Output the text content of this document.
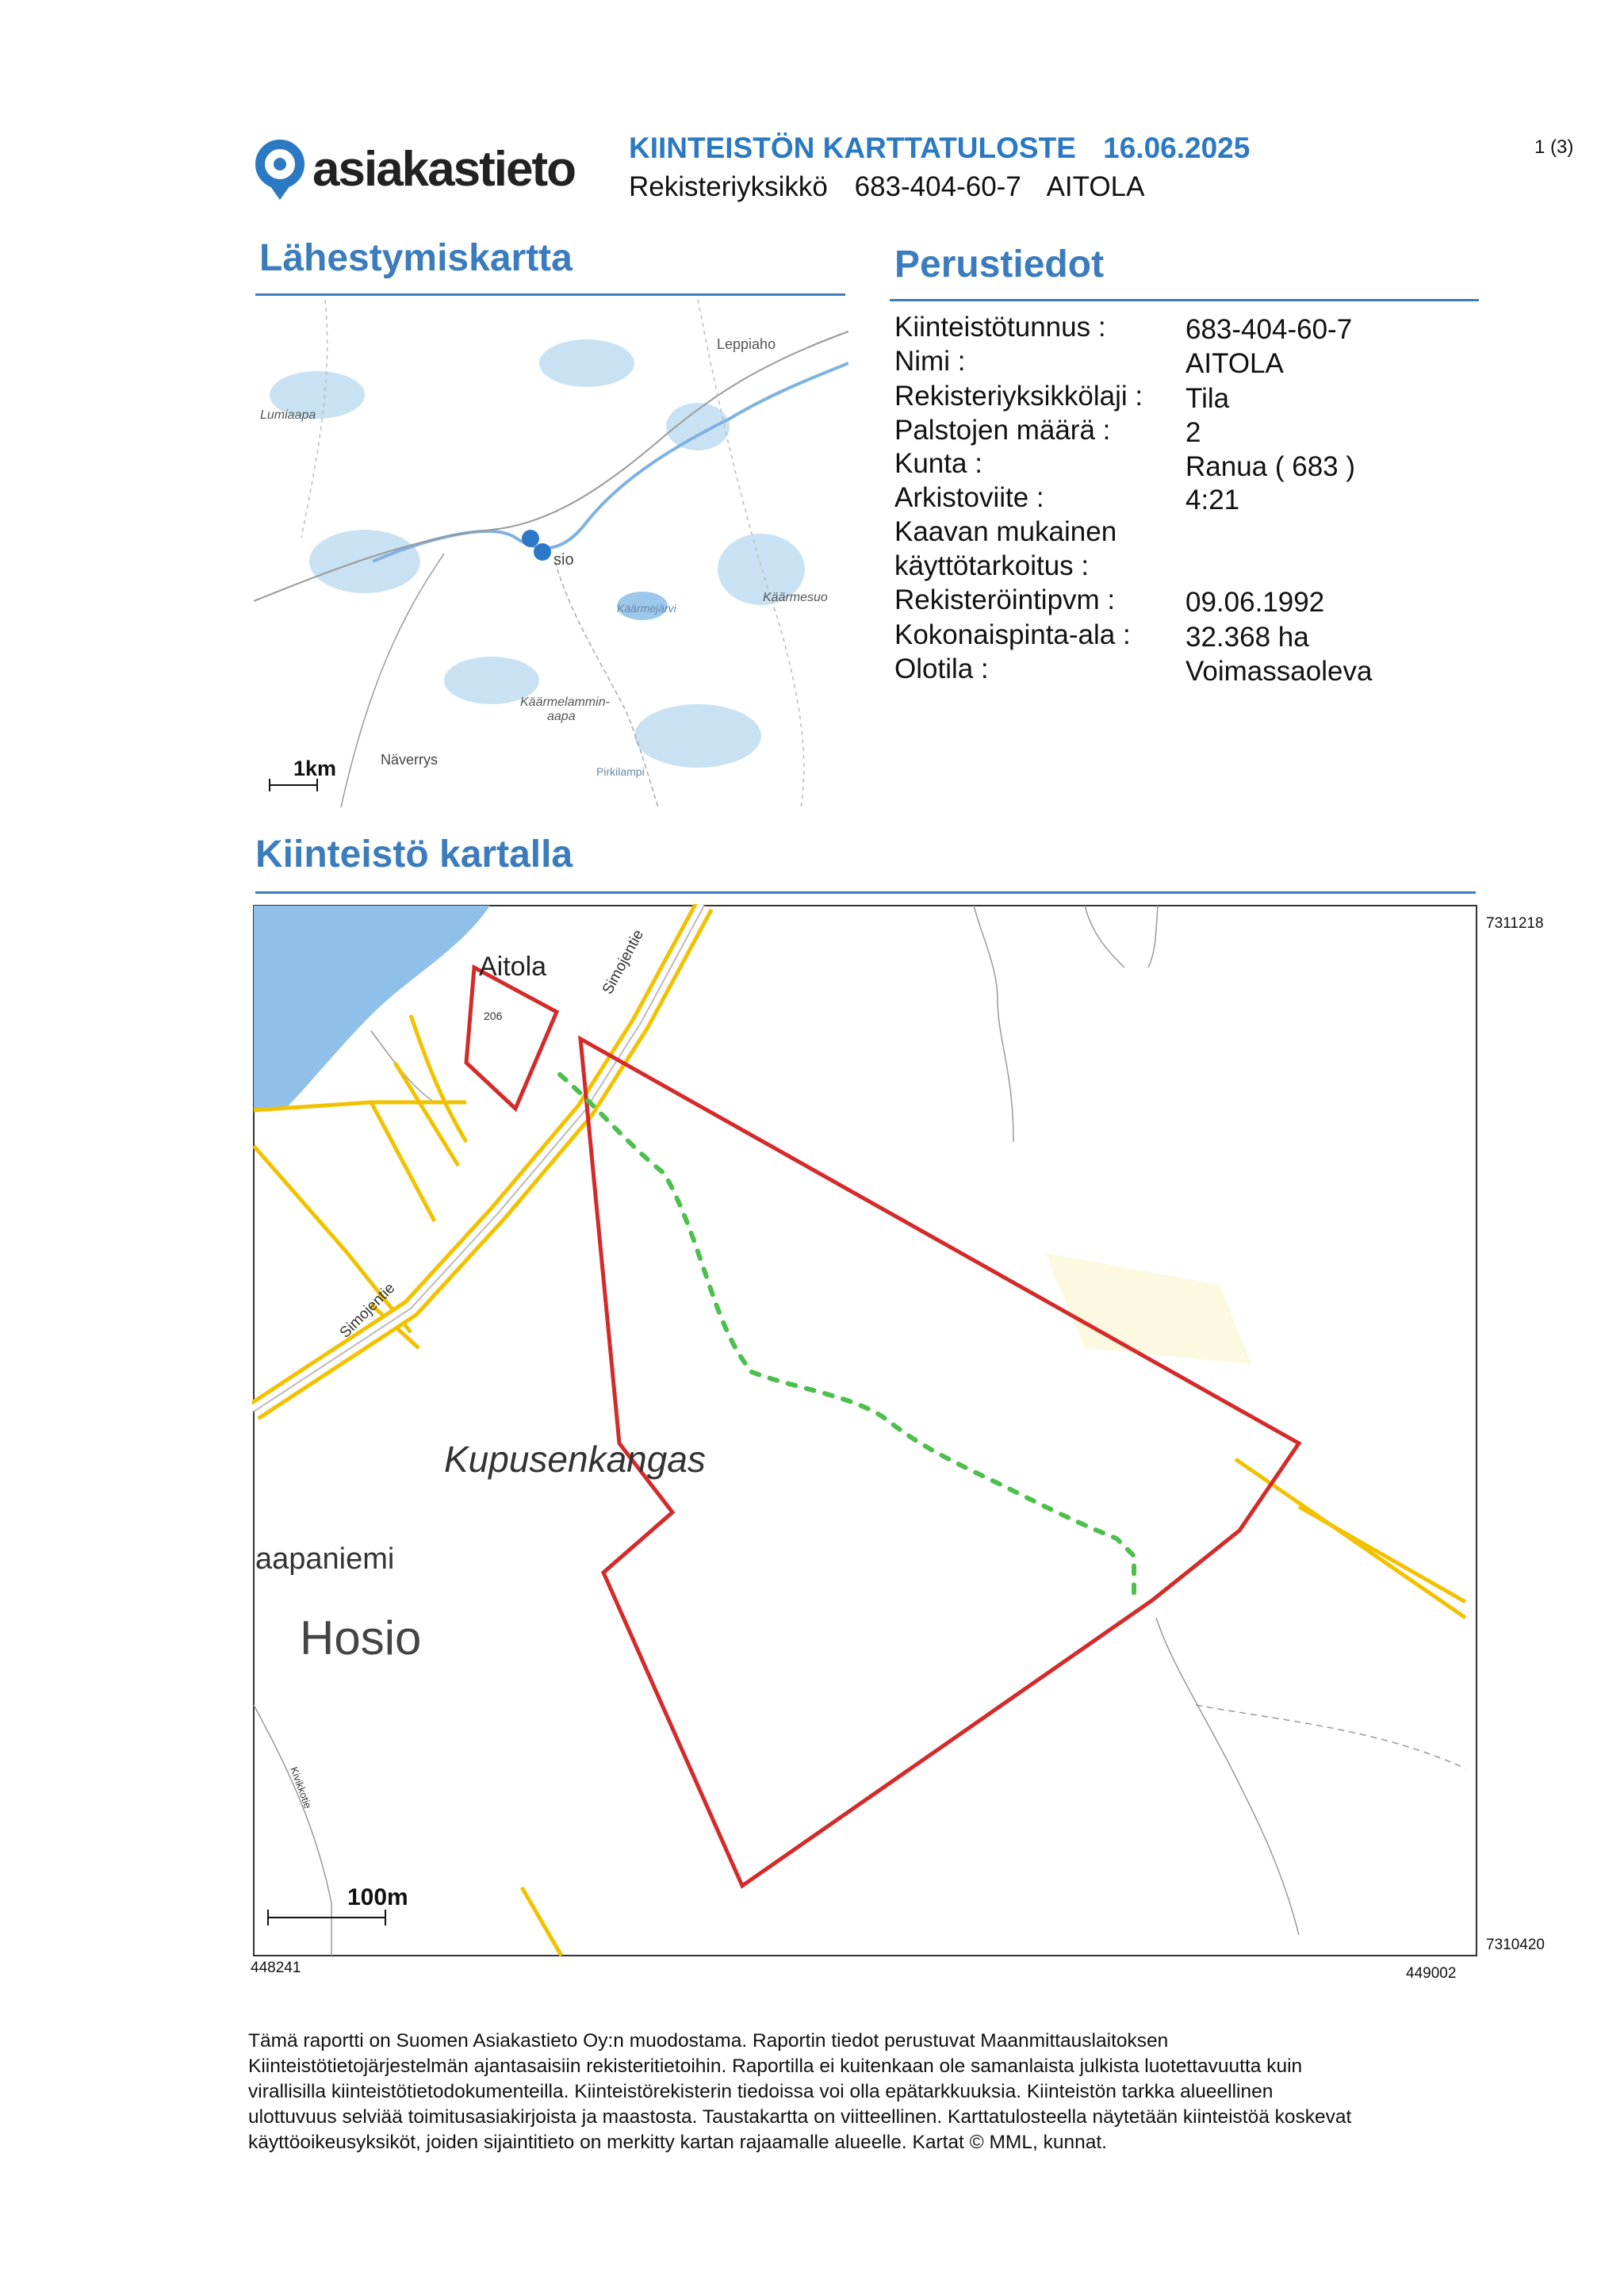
asiakastieto KIINTEISTÖN KARTTATULOSTE 16.06.2025
Rekisteriyksikkö 683-404-60-7 AITOLA
1 (3)
Lähestymiskartta	Perustiedot
Kiinteistö kartalla
Kiinteistötunnus :	683-404-60-7
Nimi :	AITOLA
Rekisteriyksikkölaji : Tila
Palstojen määrä :	2
Kunta :	Ranua ( 683 )
Arkistoviite :	4:21
Kaavan mukainen
käyttötarkoitus :
Rekisteröintipvm :	09.06.1992
Kokonaispinta-ala : 32.368 ha
Olotila :	Voimassaoleva
Leppiaho
Lumiaapa
sio
Käärmejärvi
Käärmesuo
Käärmelammin-
aapa
Näverrys
Pirkilampi
1km
Aitola
206
Simojentie
Simojentie
Kupusenkangas
aapaniemi
Hosio
Kivikkotie
100m
7311218
7310420
448241	449002
Tämä raportti on Suomen Asiakastieto Oy:n muodostama. Raportin tiedot perustuvat Maanmittauslaitoksen
Kiinteistötietojärjestelmän ajantasaisiin rekisteritietoihin. Raportilla ei kuitenkaan ole samanlaista julkista luotettavuutta kuin
virallisilla kiinteistötietodokumenteilla. Kiinteistörekisterin tiedoissa voi olla epätarkkuuksia. Kiinteistön tarkka alueellinen
ulottuvuus selviää toimitusasiakirjoista ja maastosta. Taustakartta on viitteellinen. Karttatulosteella näytetään kiinteistöä koskevat
käyttöoikeusyksiköt, joiden sijaintitieto on merkitty kartan rajaamalle alueelle. Kartat © MML, kunnat.
